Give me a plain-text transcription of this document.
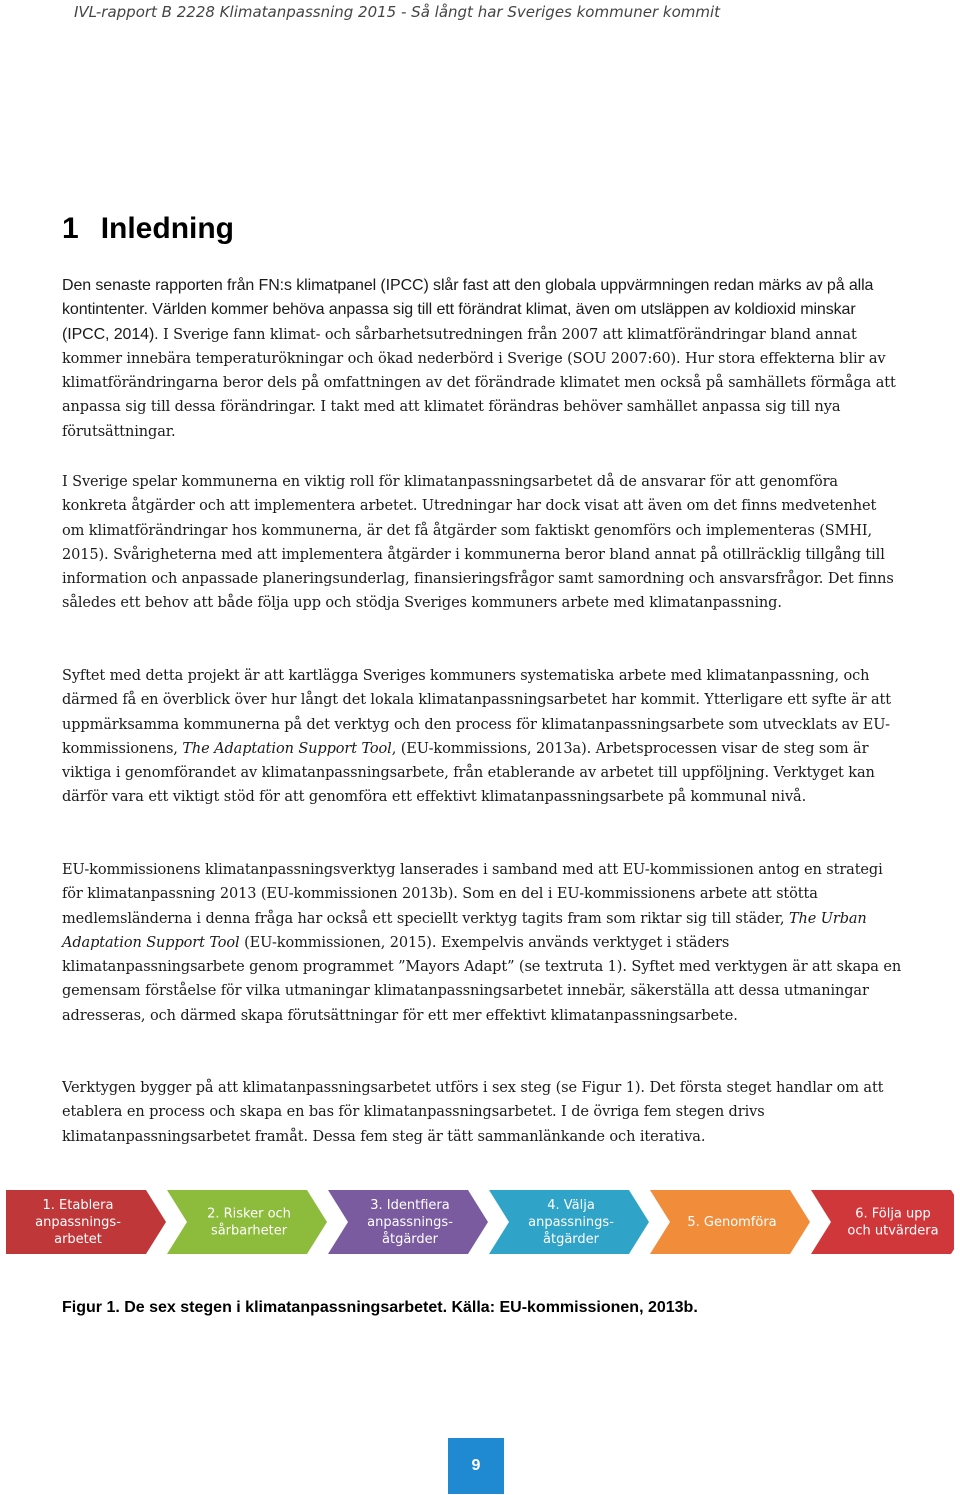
IVL-rapport B 2228 Klimatanpassning 2015 - Så långt har Sveriges kommuner kommit
1 Inledning

Den senaste rapporten från FN:s klimatpanel (IPCC) slår fast att den globala uppvärmningen redan märks av på alla kontintenter. Världen kommer behöva anpassa sig till ett förändrat klimat, även om utsläppen av koldioxid minskar (IPCC, 2014). I Sverige fann klimat- och sårbarhetsutredningen från 2007 att klimatförändringar bland annat kommer innebära temperaturökningar och ökad nederbörd i Sverige (SOU 2007:60). Hur stora effekterna blir av klimatförändringarna beror dels på omfattningen av det förändrade klimatet men också på samhällets förmåga att anpassa sig till dessa förändringar. I takt med att klimatet förändras behöver samhället anpassa sig till nya förutsättningar.

I Sverige spelar kommunerna en viktig roll för klimatanpassningsarbetet då de ansvarar för att genomföra konkreta åtgärder och att implementera arbetet. Utredningar har dock visat att även om det finns medvetenhet om klimatförändringar hos kommunerna, är det få åtgärder som faktiskt genomförs och implementeras (SMHI, 2015). Svårigheterna med att implementera åtgärder i kommunerna beror bland annat på otillräcklig tillgång till information och anpassade planeringsunderlag, finansieringsfrågor samt samordning och ansvarsfrågor. Det finns således ett behov att både följa upp och stödja Sveriges kommuners arbete med klimatanpassning.

Syftet med detta projekt är att kartlägga Sveriges kommuners systematiska arbete med klimatanpassning, och därmed få en överblick över hur långt det lokala klimatanpassningsarbetet har kommit. Ytterligare ett syfte är att uppmärksamma kommunerna på det verktyg och den process för klimatanpassningsarbete som utvecklats av EU-kommissionens, The Adaptation Support Tool, (EU-kommissions, 2013a). Arbetsprocessen visar de steg som är viktiga i genomförandet av klimatanpassningsarbete, från etablerande av arbetet till uppföljning. Verktyget kan därför vara ett viktigt stöd för att genomföra ett effektivt klimatanpassningsarbete på kommunal nivå.

EU-kommissionens klimatanpassningsverktyg lanserades i samband med att EU-kommissionen antog en strategi för klimatanpassning 2013 (EU-kommissionen 2013b). Som en del i EU-kommissionens arbete att stötta medlemsländerna i denna fråga har också ett speciellt verktyg tagits fram som riktar sig till städer, The Urban Adaptation Support Tool (EU-kommissionen, 2015). Exempelvis används verktyget i städers klimatanpassningsarbete genom programmet ”Mayors Adapt” (se textruta 1). Syftet med verktygen är att skapa en gemensam förståelse för vilka utmaningar klimatanpassningsarbetet innebär, säkerställa att dessa utmaningar adresseras, och därmed skapa förutsättningar för ett mer effektivt klimatanpassningsarbete.

Verktygen bygger på att klimatanpassningsarbetet utförs i sex steg (se Figur 1). Det första steget handlar om att etablera en process och skapa en bas för klimatanpassningsarbetet. I de övriga fem stegen drivs klimatanpassningsarbetet framåt. Dessa fem steg är tätt sammanlänkande och iterativa.

1. Etablera anpassnings-arbetet
2. Risker och sårbarheter
3. Identfiera anpassnings-åtgärder
4. Välja anpassnings-åtgärder
5. Genomföra
6. Följa upp och utvärdera

Figur 1. De sex stegen i klimatanpassningsarbetet. Källa: EU-kommissionen, 2013b.

9
